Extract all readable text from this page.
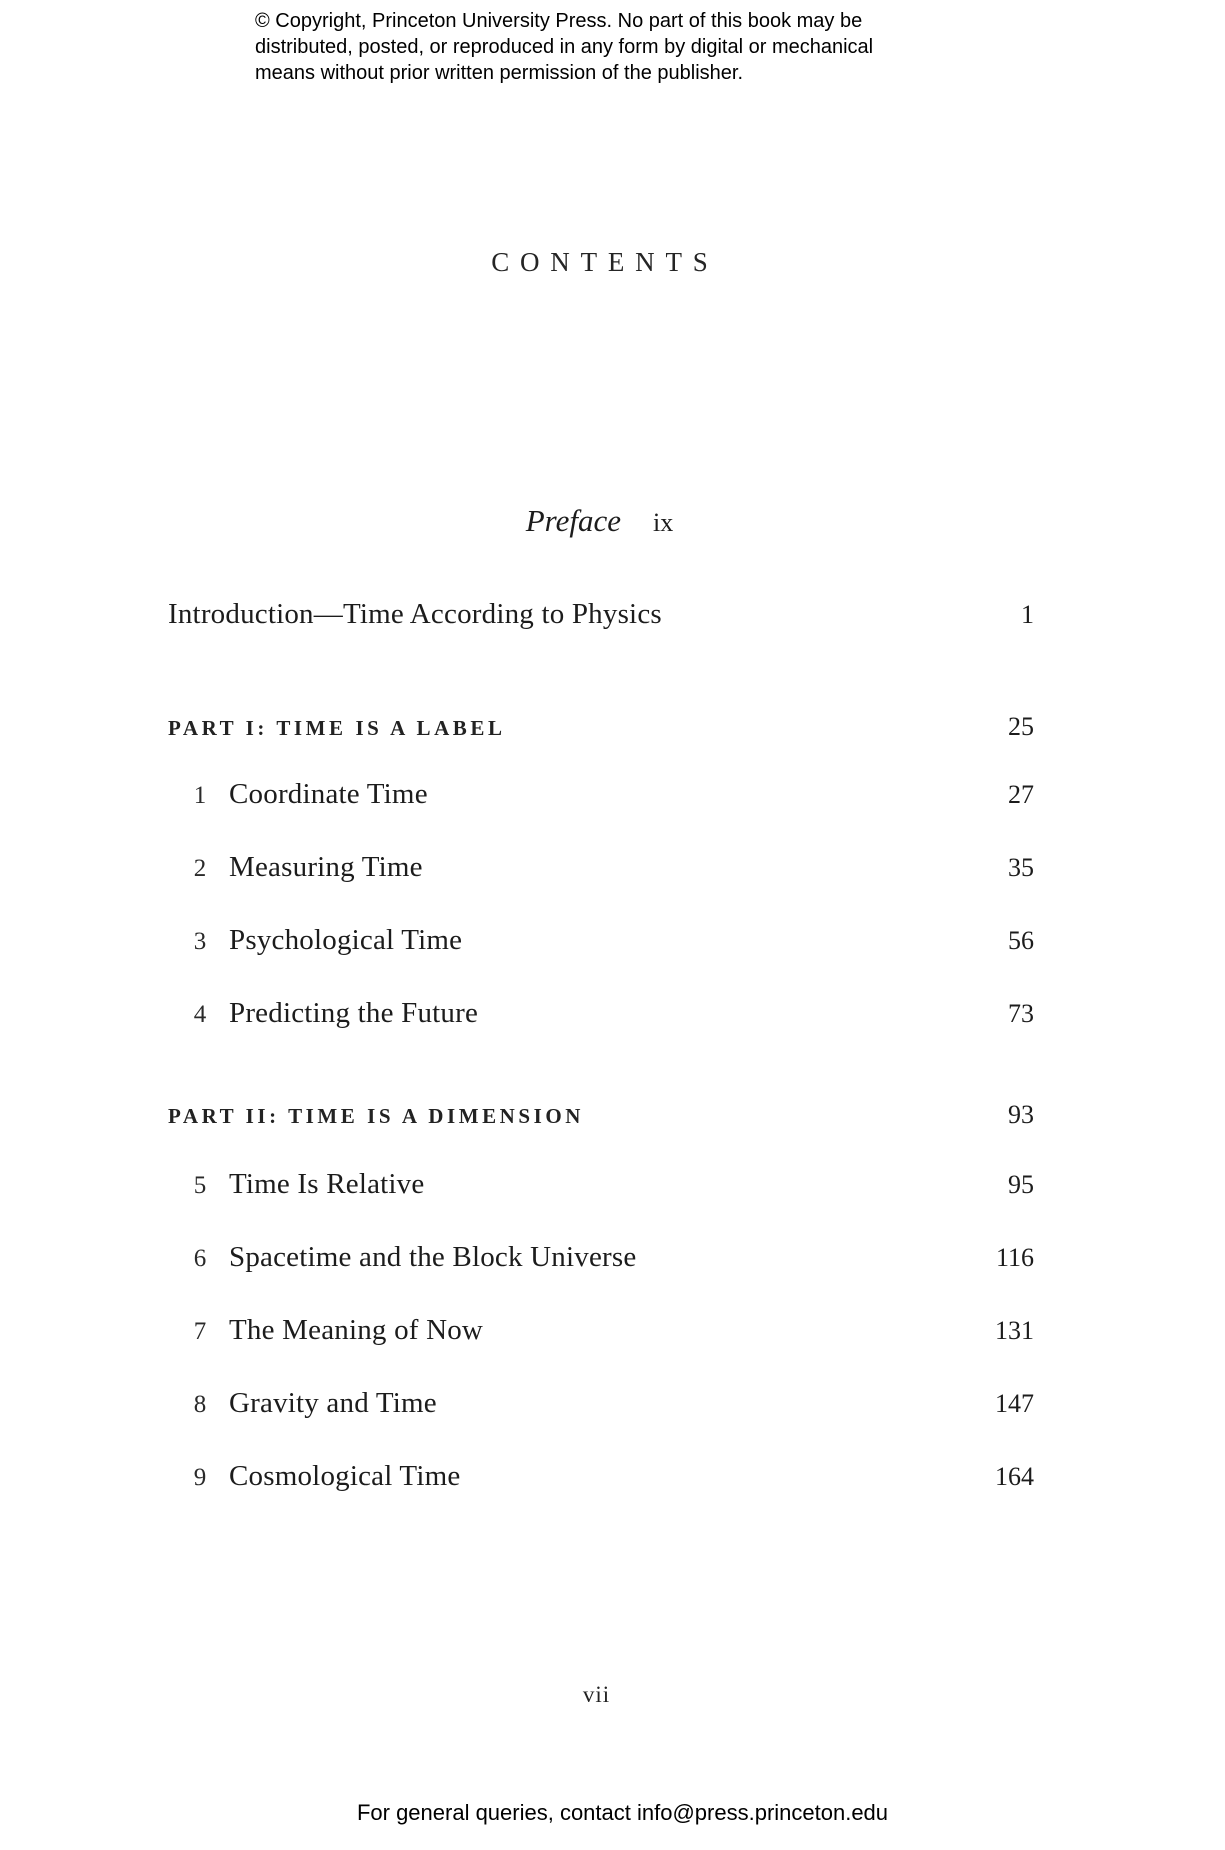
© Copyright, Princeton University Press. No part of this book may be
distributed, posted, or reproduced in any form by digital or mechanical
means without prior written permission of the publisher.
CONTENTS
Preface ix
Introduction—Time According to Physics	1
PART I: TIME IS A LABEL	25
1 Coordinate Time	27
2 Measuring Time	35
3 Psychological Time	56
4 Predicting the Future	73
PART II: TIME IS A DIMENSION	93
5 Time Is Relative	95
6 Spacetime and the Block Universe	116
7 The Meaning of Now	131
8 Gravity and Time	147
9 Cosmological Time	164
vii
For general queries, contact info@press.princeton.edu
